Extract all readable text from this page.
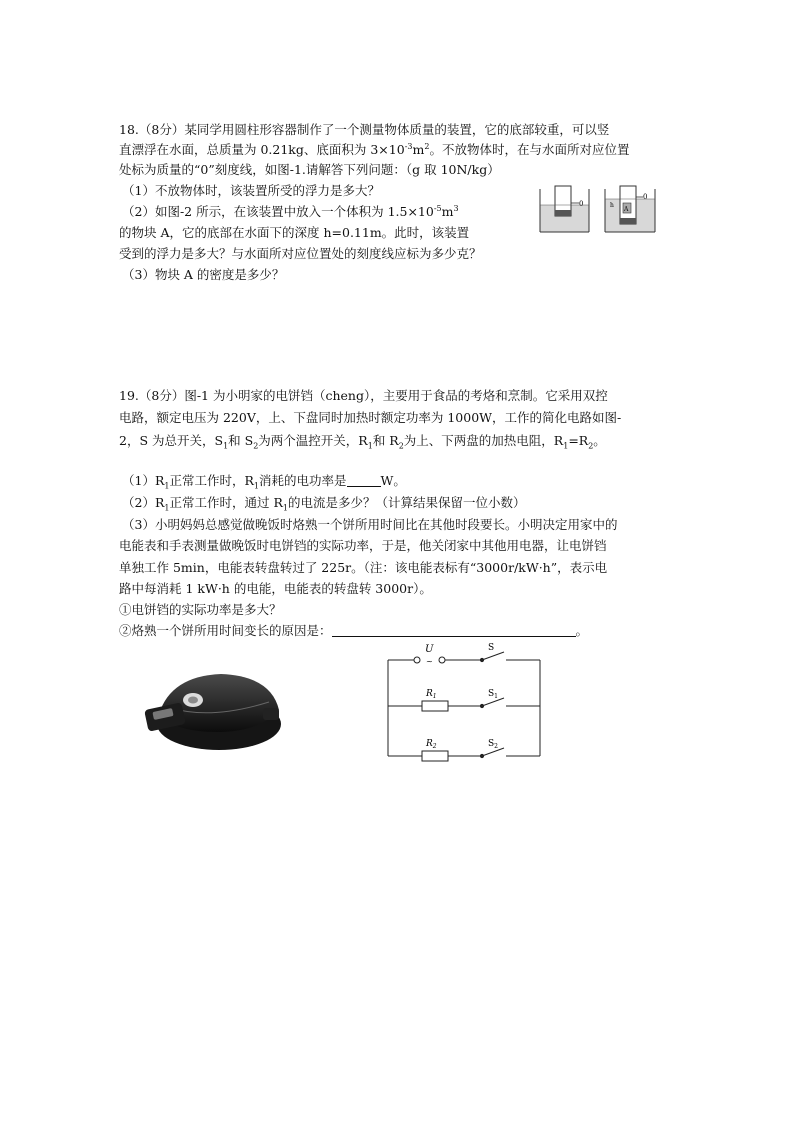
18.（8分）某同学用圆柱形容器制作了一个测量物体质量的装置，它的底部较重，可以竖
直漂浮在水面，总质量为 0.21kg、底面积为 $3\times 10^{-3}m^2$。不放物体时，在与水面所对应位置
处标为质量的“0”刻度线，如图-1.请解答下列问题：（g 取 10N/kg）
（1）不放物体时，该装置所受的浮力是多大？
（2）如图-2 所示，在该装置中放入一个体积为 $1.5\times 10^{-5}m^3$
的物块 A，它的底部在水面下的深度 h=0.11m。此时，该装置
受到的浮力是多大？与水面所对应位置处的刻度线应标为多少克？
（3）物块 A 的密度是多少？
0
A
h
0
19.（8分）图-1 为小明家的电饼铛（cheng），主要用于食品的考烙和烹制。它采用双控
电路，额定电压为 220V，上、下盘同时加热时额定功率为 1000W，工作的简化电路如图-
2，S 为总开关，$S_1$和 $S_2$为两个温控开关，$R_1$和 $R_2$为上、下两盘的加热电阻，$R_1=R_2$。
$(1)R_1$正常工作时，$R_1$消耗的电功率是	W。
$(2)R_1$正常工作时，通过 $R_1$的电流是多少？（计算结果保留一位小数）
（3）小明妈妈总感觉做晚饭时烙熟一个饼所用时间比在其他时段要长。小明决定用家中的
电能表和手表测量做晚饭时电饼铛的实际功率，于是，他关闭家中其他用电器，让电饼铛
单独工作 5min，电能表转盘转过了 225r。（注：该电能表标有“3000r/kW·h”，表示电
路中每消耗 1 kW·h 的电能，电能表的转盘转 3000r）。
①电饼铛的实际功率是多大？
②烙熟一个饼所用时间变长的原因是：	。
U
~
S
$R_1$	$S_1$
$R_2$	$S_2$
